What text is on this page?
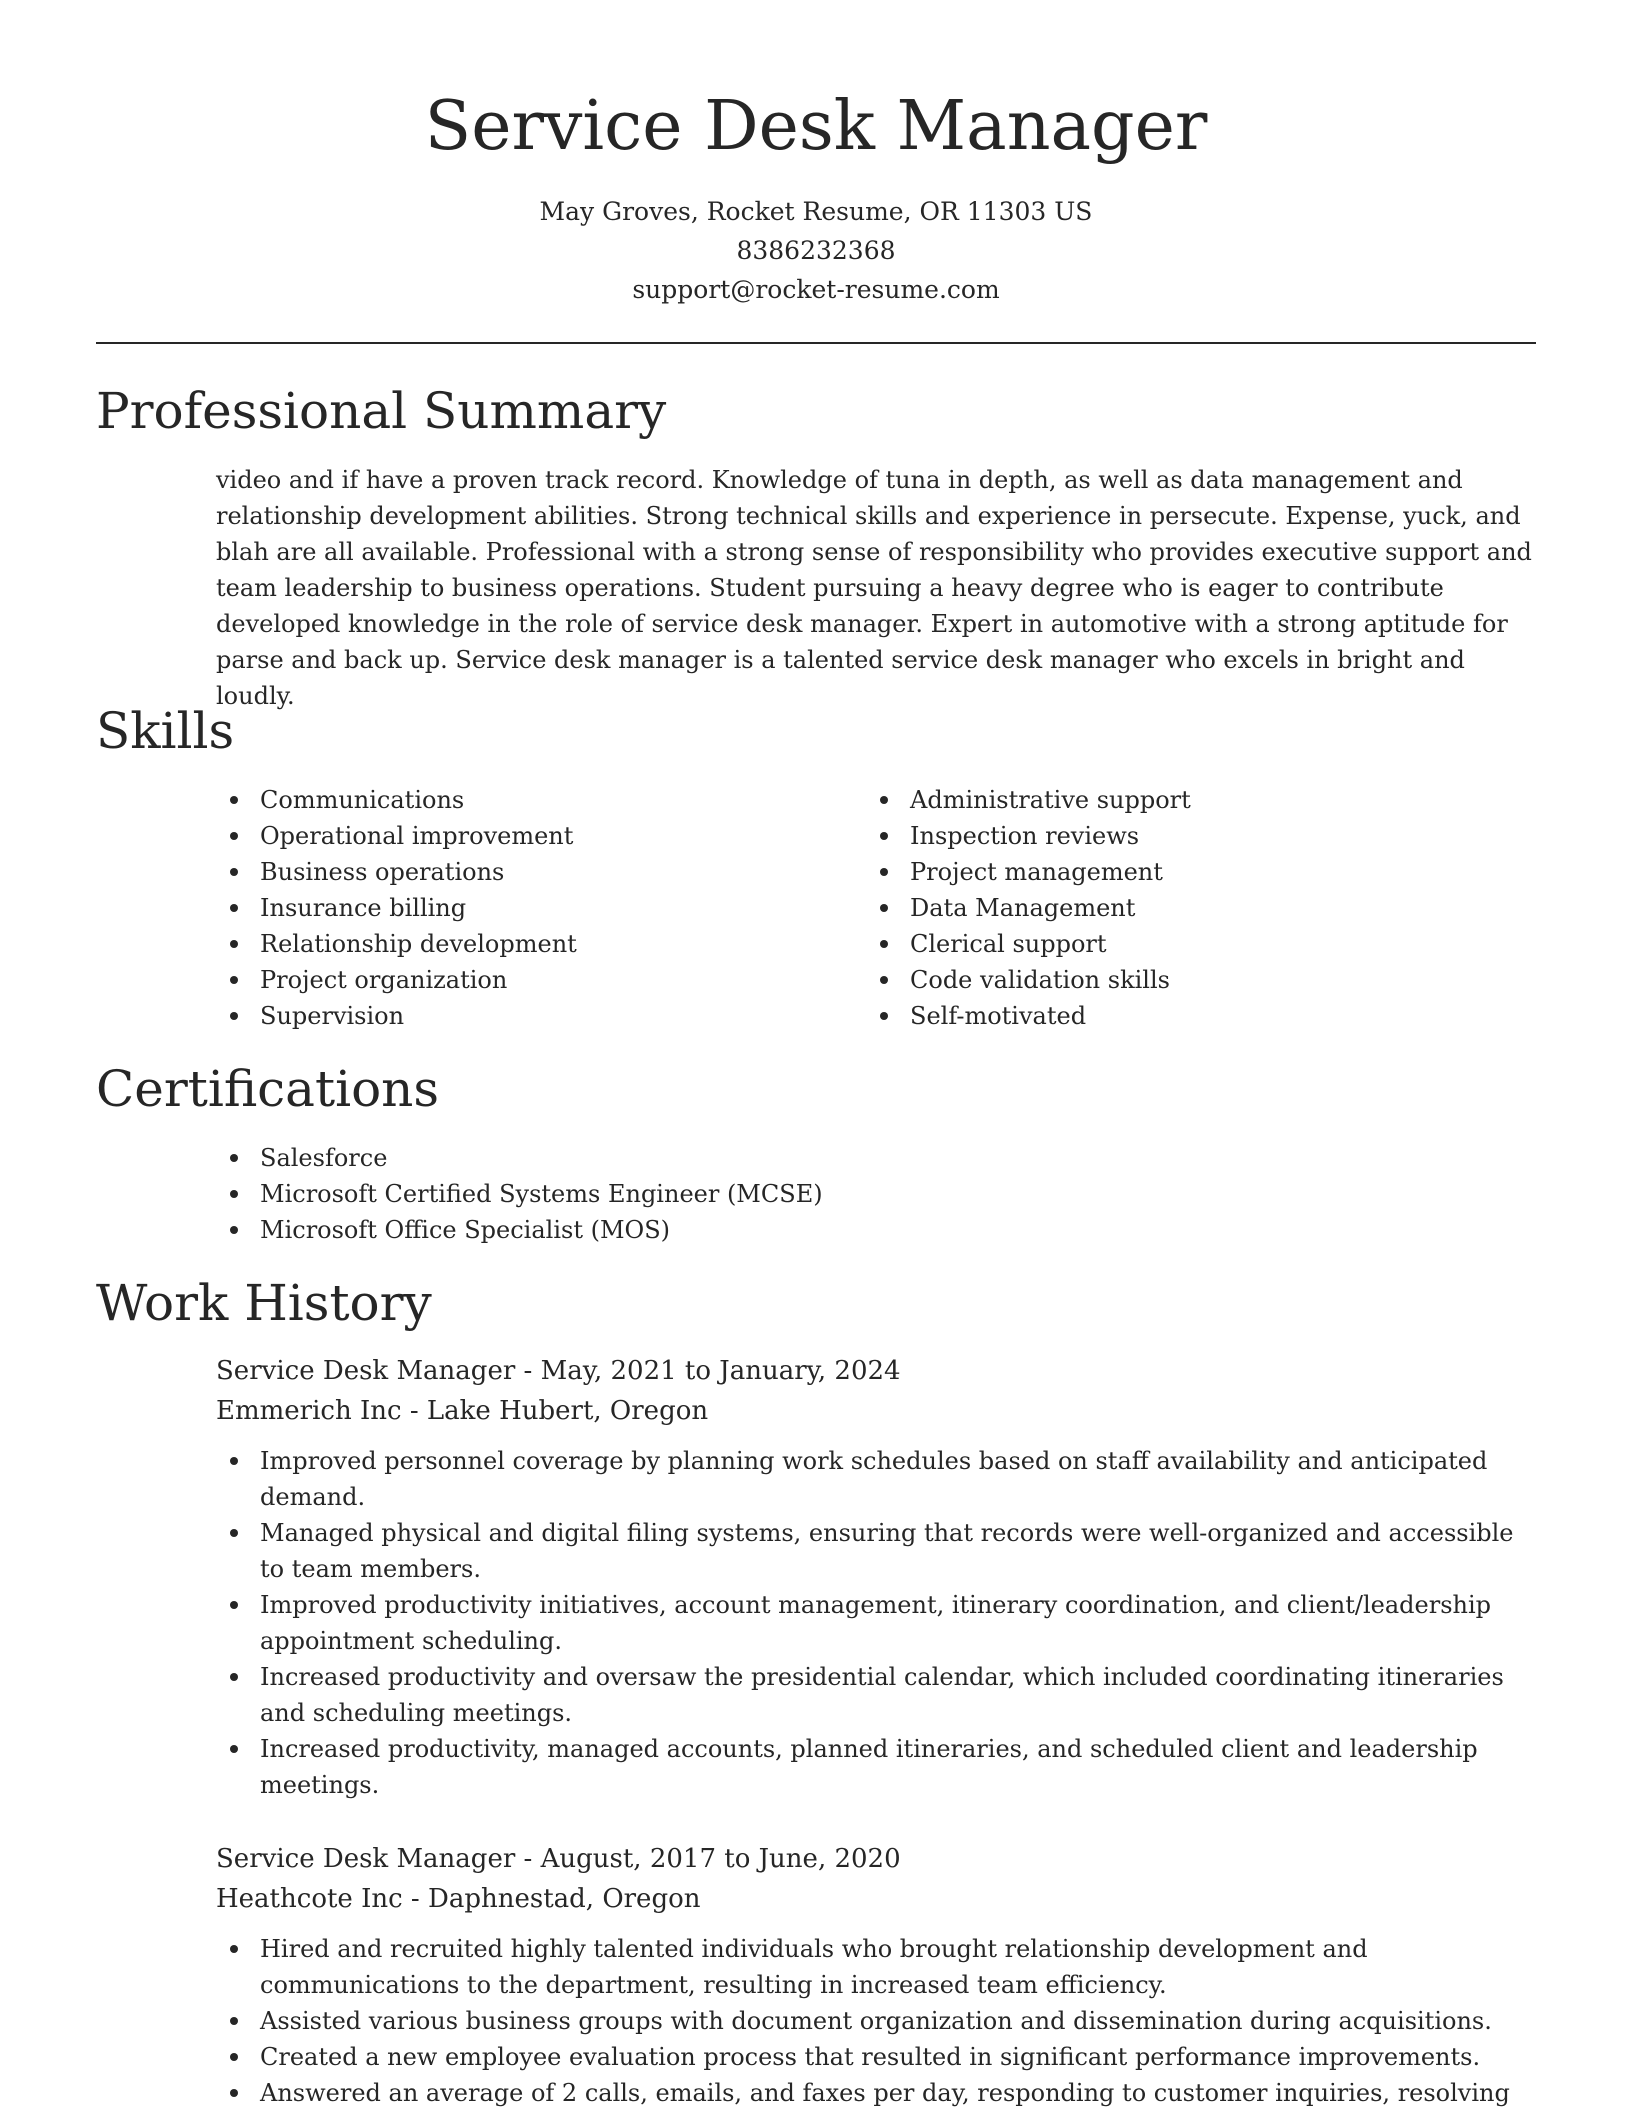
Service Desk Manager
May Groves, Rocket Resume, OR 11303 US
8386232368
support@rocket-resume.com
Professional Summary

video and if have a proven track record. Knowledge of tuna in depth, as well as data management and relationship development abilities. Strong technical skills and experience in persecute. Expense, yuck, and blah are all available. Professional with a strong sense of responsibility who provides executive support and team leadership to business operations. Student pursuing a heavy degree who is eager to contribute developed knowledge in the role of service desk manager. Expert in automotive with a strong aptitude for parse and back up. Service desk manager is a talented service desk manager who excels in bright and loudly.

Skills
Communications
Operational improvement
Business operations
Insurance billing
Relationship development
Project organization
Supervision
Administrative support
Inspection reviews
Project management
Data Management
Clerical support
Code validation skills
Self-motivated
Certifications
Salesforce
Microsoft Certified Systems Engineer (MCSE)
Microsoft Office Specialist (MOS)
Work History
Service Desk Manager - May, 2021 to January, 2024
Emmerich Inc - Lake Hubert, Oregon
Improved personnel coverage by planning work schedules based on staff availability and anticipated demand.
Managed physical and digital filing systems, ensuring that records were well-organized and accessible to team members.
Improved productivity initiatives, account management, itinerary coordination, and client/leadership appointment scheduling.
Increased productivity and oversaw the presidential calendar, which included coordinating itineraries and scheduling meetings.
Increased productivity, managed accounts, planned itineraries, and scheduled client and leadership meetings.
Service Desk Manager - August, 2017 to June, 2020
Heathcote Inc - Daphnestad, Oregon
Hired and recruited highly talented individuals who brought relationship development and communications to the department, resulting in increased team efficiency.
Assisted various business groups with document organization and dissemination during acquisitions.
Created a new employee evaluation process that resulted in significant performance improvements.
Answered an average of 2 calls, emails, and faxes per day, responding to customer inquiries, resolving
